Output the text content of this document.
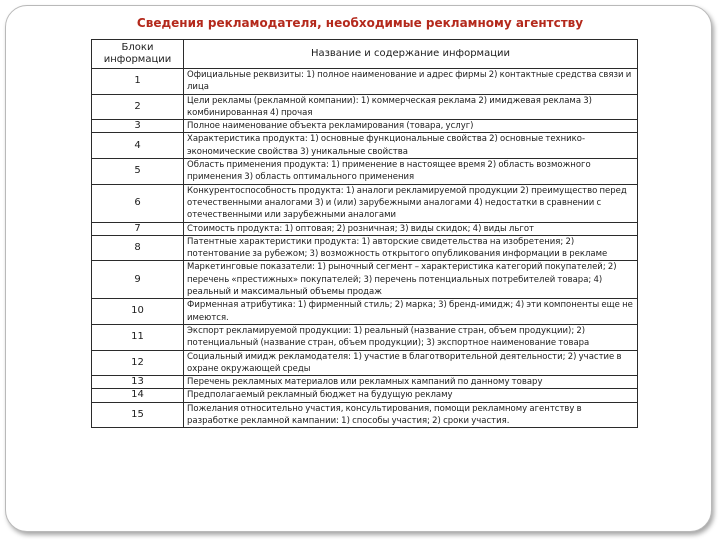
Сведения рекламодателя, необходимые рекламному агентству
Блоки информации	Название и содержание информации
1	Официальные реквизиты: 1) полное наименование и адрес фирмы 2) контактные средства связи и лица
2	Цели рекламы (рекламной компании): 1) коммерческая реклама 2) имиджевая реклама 3) комбинированная 4) прочая
3	Полное наименование объекта рекламирования (товара, услуг)
4	Характеристика продукта: 1) основные функциональные свойства 2) основные технико-экономические свойства 3) уникальные свойства
5	Область применения продукта: 1) применение в настоящее время 2) область возможного применения 3) область оптимального применения
6	Конкурентоспособность продукта: 1) аналоги рекламируемой продукции 2) преимущество перед отечественными аналогами 3) и (или) зарубежными аналогами 4) недостатки в сравнении с отечественными или зарубежными аналогами
7	Стоимость продукта: 1) оптовая; 2) розничная; 3) виды скидок; 4) виды льгот
8	Патентные характеристики продукта: 1) авторские свидетельства на изобретения; 2) потентование за рубежом; 3) возможность открытого опубликования информации в рекламе
9	Маркетинговые показатели: 1) рыночный сегмент – характеристика категорий покупателей; 2) перечень «престижных» покупателей; 3) перечень потенциальных потребителей товара; 4) реальный и максимальный объемы продаж
10	Фирменная атрибутика: 1) фирменный стиль; 2) марка; 3) бренд-имидж; 4) эти компоненты еще не имеются.
11	Экспорт рекламируемой продукции: 1) реальный (название стран, объем продукции); 2) потенциальный (название стран, объем продукции); 3) экспортное наименование товара
12	Социальный имидж рекламодателя: 1) участие в благотворительной деятельности; 2) участие в охране окружающей среды
13	Перечень рекламных материалов или рекламных кампаний по данному товару
14	Предполагаемый рекламный бюджет на будущую рекламу
15	Пожелания относительно участия, консультирования, помощи рекламному агентству в разработке рекламной кампании: 1) способы участия; 2) сроки участия.
